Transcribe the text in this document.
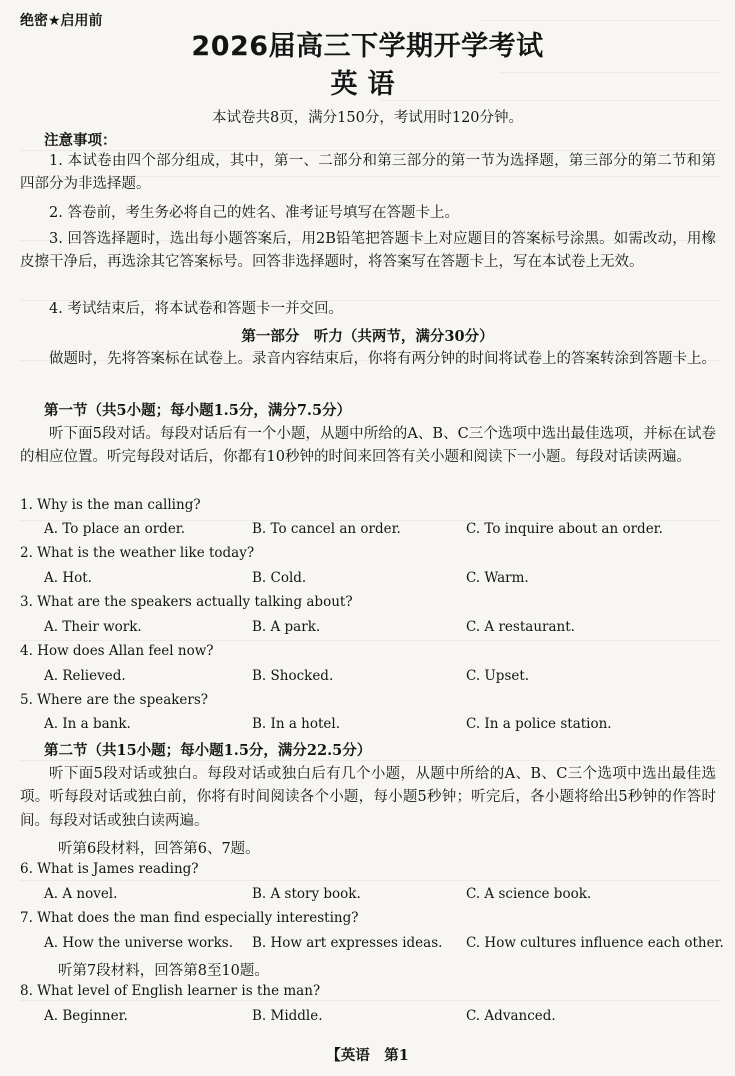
绝密★启用前
2026届高三下学期开学考试
英语
本试卷共8页，满分150分，考试用时120分钟。
注意事项：

1. 本试卷由四个部分组成，其中，第一、二部分和第三部分的第一节为选择题，第三部分的第二节和第四部分为非选择题。

2. 答卷前，考生务必将自己的姓名、准考证号填写在答题卡上。

3. 回答选择题时，选出每小题答案后，用2B铅笔把答题卡上对应题目的答案标号涂黑。如需改动，用橡皮擦干净后，再选涂其它答案标号。回答非选择题时，将答案写在答题卡上，写在本试卷上无效。

4. 考试结束后，将本试卷和答题卡一并交回。

第一部分　听力（共两节，满分30分）

做题时，先将答案标在试卷上。录音内容结束后，你将有两分钟的时间将试卷上的答案转涂到答题卡上。

第一节（共5小题；每小题1.5分，满分7.5分）

听下面5段对话。每段对话后有一个小题，从题中所给的A、B、C三个选项中选出最佳选项，并标在试卷的相应位置。听完每段对话后，你都有10秒钟的时间来回答有关小题和阅读下一小题。每段对话读两遍。

1. Why is the man calling?
A. To place an order.	B. To cancel an order.	C. To inquire about an order.
2. What is the weather like today?
A. Hot.	B. Cold.	C. Warm.
3. What are the speakers actually talking about?
A. Their work.	B. A park.	C. A restaurant.
4. How does Allan feel now?
A. Relieved.	B. Shocked.	C. Upset.
5. Where are the speakers?
A. In a bank.	B. In a hotel.	C. In a police station.
第二节（共15小题；每小题1.5分，满分22.5分）

听下面5段对话或独白。每段对话或独白后有几个小题，从题中所给的A、B、C三个选项中选出最佳选项。听每段对话或独白前，你将有时间阅读各个小题，每小题5秒钟；听完后，各小题将给出5秒钟的作答时间。每段对话或独白读两遍。

听第6段材料，回答第6、7题。
6. What is James reading?
A. A novel.	B. A story book.	C. A science book.
7. What does the man find especially interesting?
A. How the universe works. B. How art expresses ideas. C. How cultures influence each other.
听第7段材料，回答第8至10题。
8. What level of English learner is the man?
A. Beginner.	B. Middle.	C. Advanced.
【英语　第1
